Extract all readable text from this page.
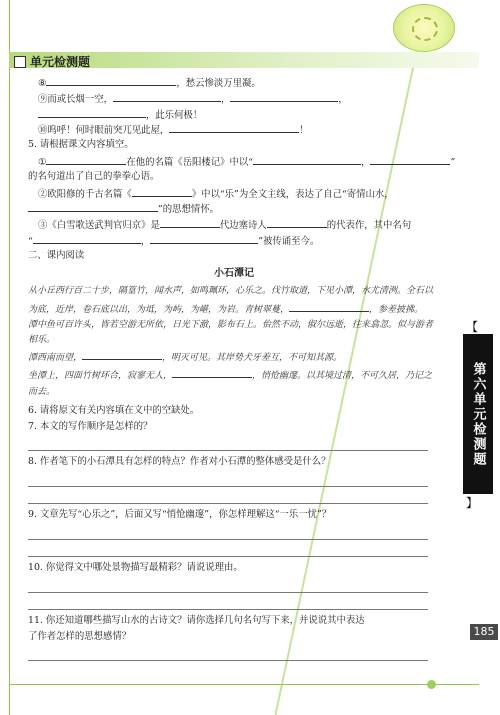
单元检测题
⑧	，愁云惨淡万里凝。
⑨而或长烟一空，	，	，
，此乐何极！
⑩呜呼！何时眼前突兀见此屋，	！
5. 请根据课文内容填空。
①	在他的名篇《岳阳楼记》中以“	，	”
的名句道出了自己的拳拳心语。
②欧阳修的千古名篇《	》中以“乐”为全文主线，表达了自己“寄情山水，
”的思想情怀。
③《白雪歌送武判官归京》是	代边塞诗人	的代表作，其中名句
“	，	”被传诵至今。
二、课内阅读
小石潭记
从小丘西行百二十步，隔篁竹，闻水声，如鸣珮环，心乐之。伐竹取道，下见小潭，水尤清洌。全石以为底，近岸，卷石底以出，为坻，为屿，为嵁，为岩。青树翠蔓，	，参差披拂。
潭中鱼可百许头，皆若空游无所依，日光下澈，影布石上。佁然不动，俶尔远逝，往来翕忽。似与游者相乐。
潭西南而望，	，明灭可见。其岸势犬牙差互，不可知其源。
坐潭上，四面竹树环合，寂寥无人，	，悄怆幽邃。以其境过清，不可久居，乃记之而去。
6. 请将原文有关内容填在文中的空缺处。
7. 本文的写作顺序是怎样的？
8. 作者笔下的小石潭具有怎样的特点？作者对小石潭的整体感受是什么？
9. 文章先写“心乐之”，后面又写“悄怆幽邃”，你怎样理解这“一乐一忧”？
10. 你觉得文中哪处景物描写最精彩？请说说理由。
11. 你还知道哪些描写山水的古诗文？请你选择几句名句写下来，并说说其中表达
了作者怎样的思想感情？
【
第六单元检测题
】
185
